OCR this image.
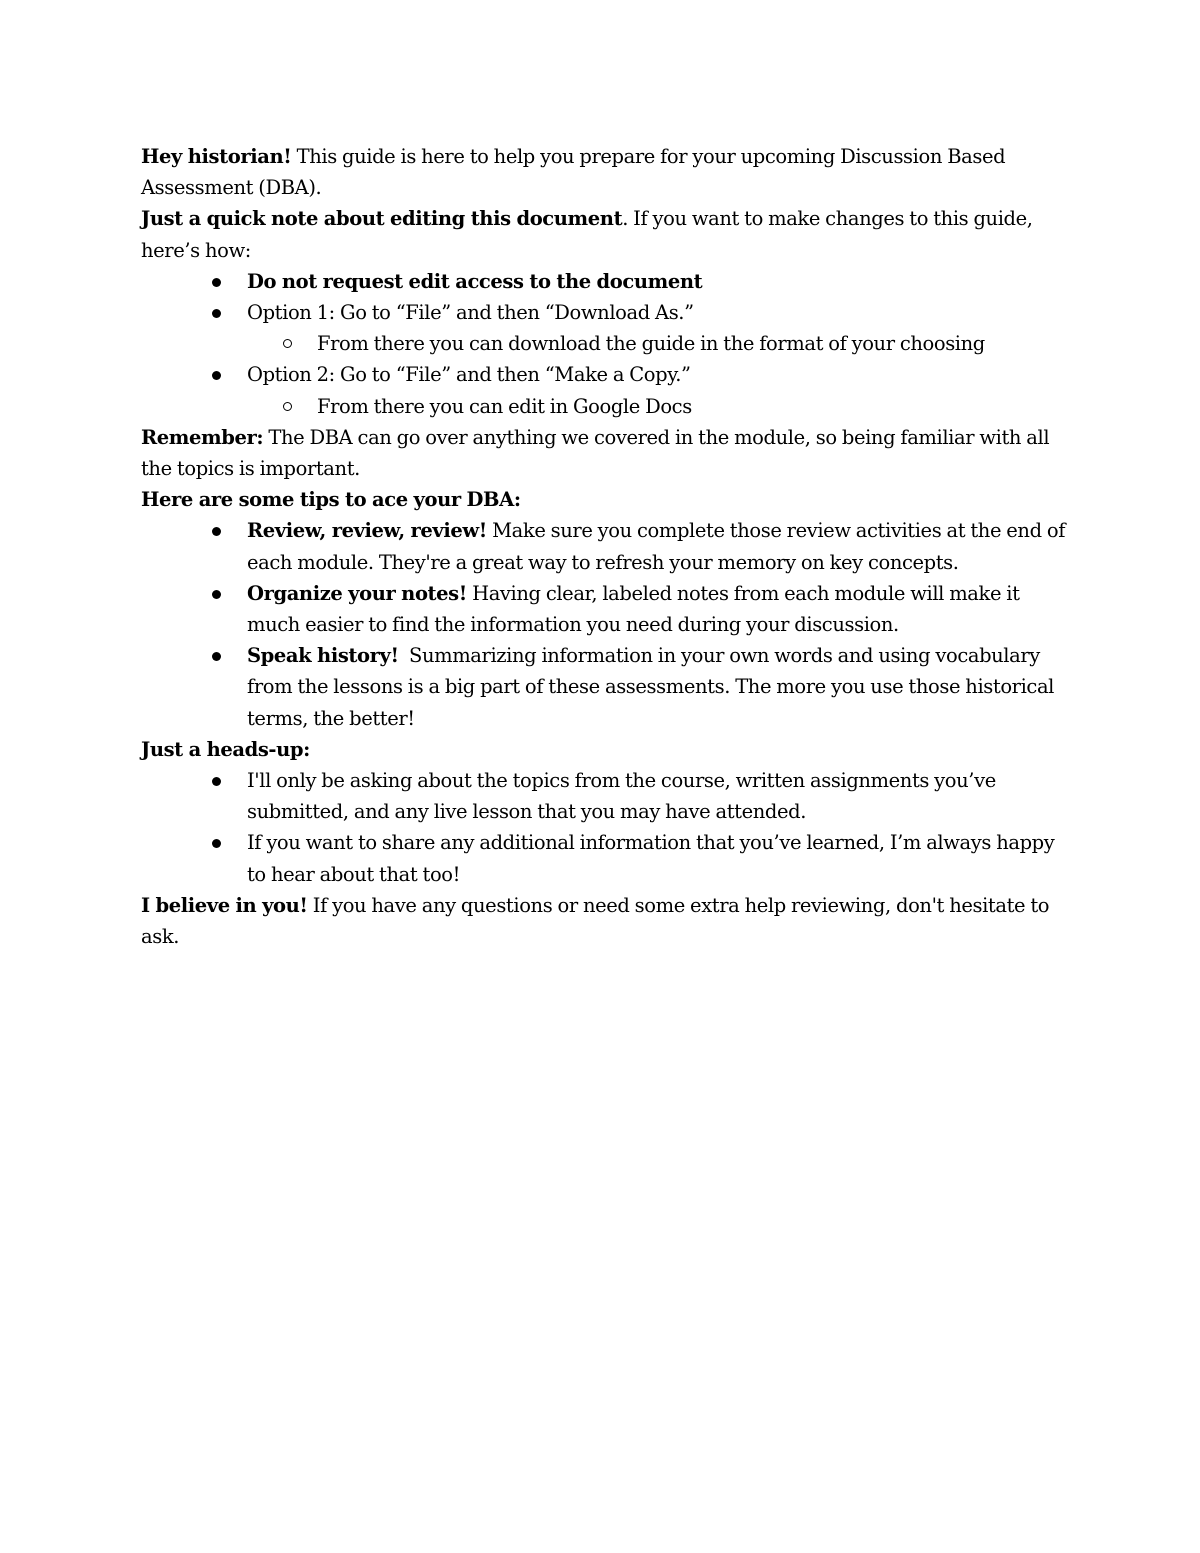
Hey historian! This guide is here to help you prepare for your upcoming Discussion Based Assessment (DBA).

Just a quick note about editing this document. If you want to make changes to this guide, here’s how:

Do not request edit access to the document
Option 1: Go to “File” and then “Download As.”
From there you can download the guide in the format of your choosing
Option 2: Go to “File” and then “Make a Copy.”
From there you can edit in Google Docs

Remember: The DBA can go over anything we covered in the module, so being familiar with all the topics is important.

Here are some tips to ace your DBA:

Review, review, review! Make sure you complete those review activities at the end of each module. They're a great way to refresh your memory on key concepts.
Organize your notes! Having clear, labeled notes from each module will make it much easier to find the information you need during your discussion.
Speak history!  Summarizing information in your own words and using vocabulary from the lessons is a big part of these assessments. The more you use those historical terms, the better!

Just a heads-up:

I'll only be asking about the topics from the course, written assignments you’ve submitted, and any live lesson that you may have attended.
If you want to share any additional information that you’ve learned, I’m always happy to hear about that too!

I believe in you! If you have any questions or need some extra help reviewing, don't hesitate to ask.
